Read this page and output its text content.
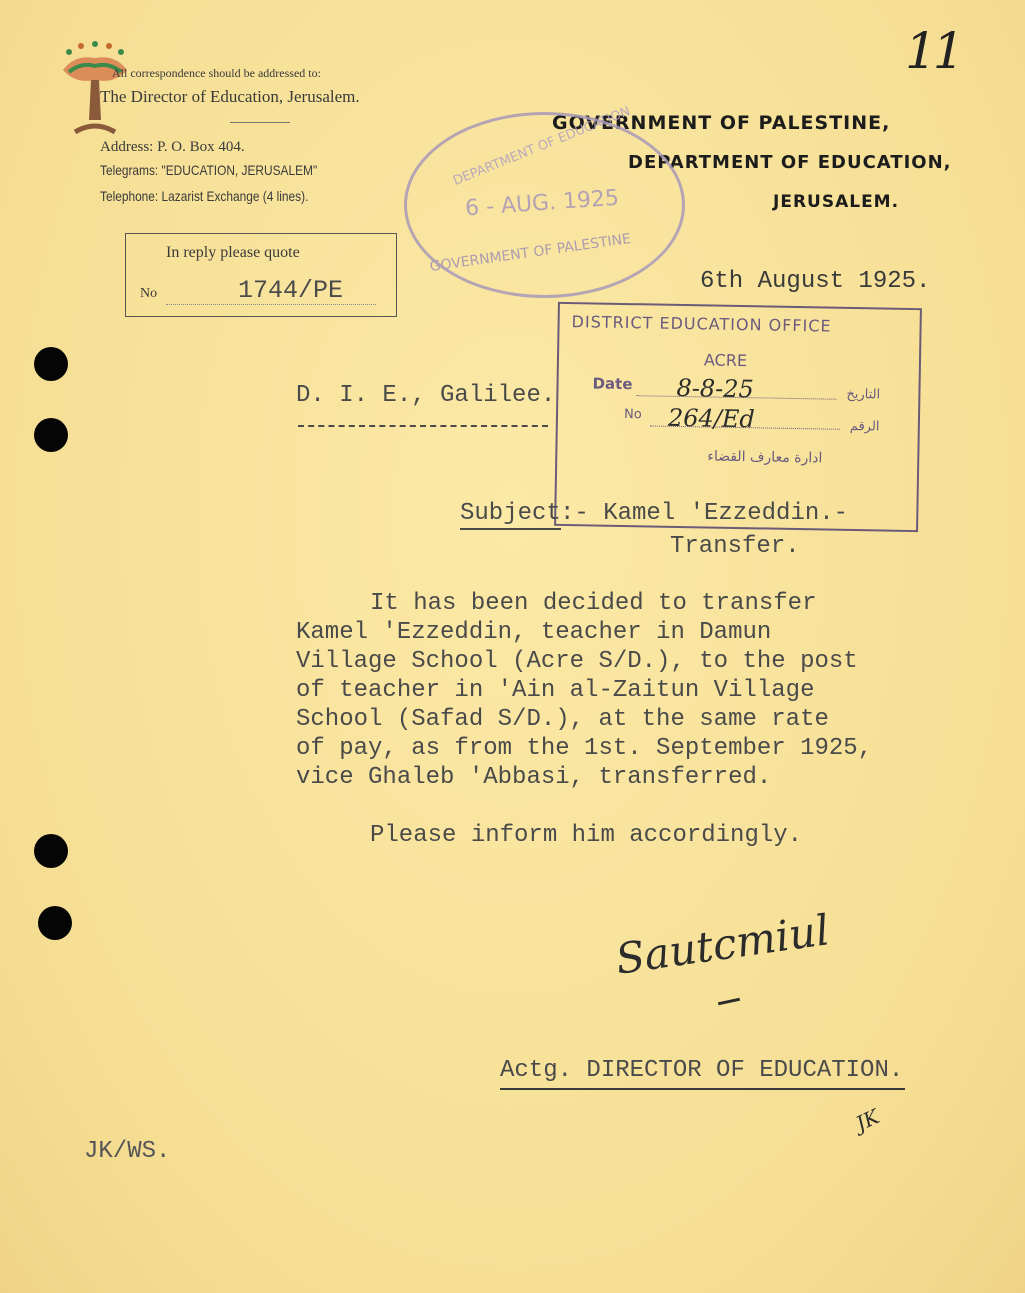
11
All correspondence should be addressed to:
The Director of Education, Jerusalem.
Address: P. O. Box 404.
Telegrams: "EDUCATION, JERUSALEM"
Telephone: Lazarist Exchange (4 lines).
In reply please quote
No	1744/PE
GOVERNMENT OF PALESTINE,
DEPARTMENT OF EDUCATION,
JERUSALEM.
DEPARTMENT OF EDUCATION
6 - AUG. 1925
GOVERNMENT OF PALESTINE
6th August 1925.
DISTRICT EDUCATION OFFICE
ACRE
Date 8-8-25	التاريخ
No 264/Ed	الرقم
ادارة معارف القضاء
D. I. E., Galilee.
Subject :- Kamel 'Ezzeddin.-
Transfer.
It has been decided to transfer
Kamel 'Ezzeddin, teacher in Damun
Village School (Acre S/D.), to the post
of teacher in 'Ain al-Zaitun Village
School (Safad S/D.), at the same rate
of pay, as from the 1st. September 1925,
vice Ghaleb 'Abbasi, transferred.
Please inform him accordingly.
Sautcmiul
Actg. DIRECTOR OF EDUCATION.
JK
JK/WS.
